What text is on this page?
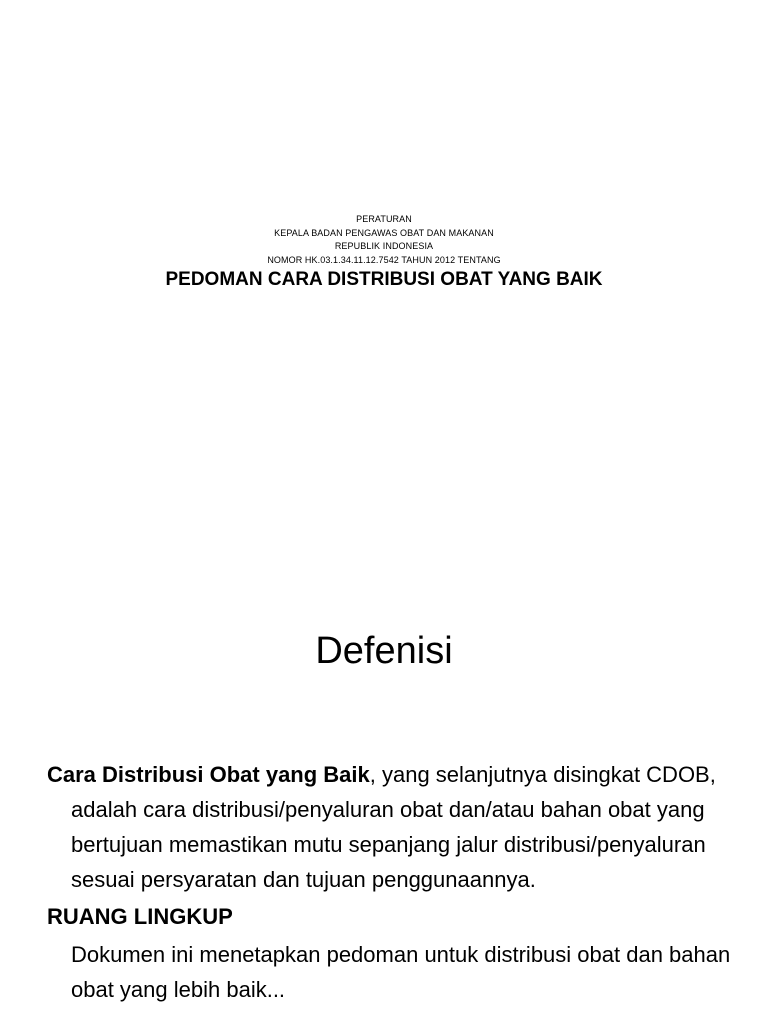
PERATURAN
KEPALA BADAN PENGAWAS OBAT DAN MAKANAN
REPUBLIK INDONESIA
NOMOR HK.03.1.34.11.12.7542 TAHUN 2012 TENTANG
PEDOMAN CARA DISTRIBUSI OBAT YANG BAIK
Defenisi

Cara Distribusi Obat yang Baik, yang selanjutnya disingkat CDOB, adalah cara distribusi/penyaluran obat dan/atau bahan obat yang bertujuan memastikan mutu sepanjang jalur distribusi/penyaluran sesuai persyaratan dan tujuan penggunaannya.

RUANG LINGKUP

Dokumen ini menetapkan pedoman untuk distribusi obat dan bahan obat yang lebih baik...
